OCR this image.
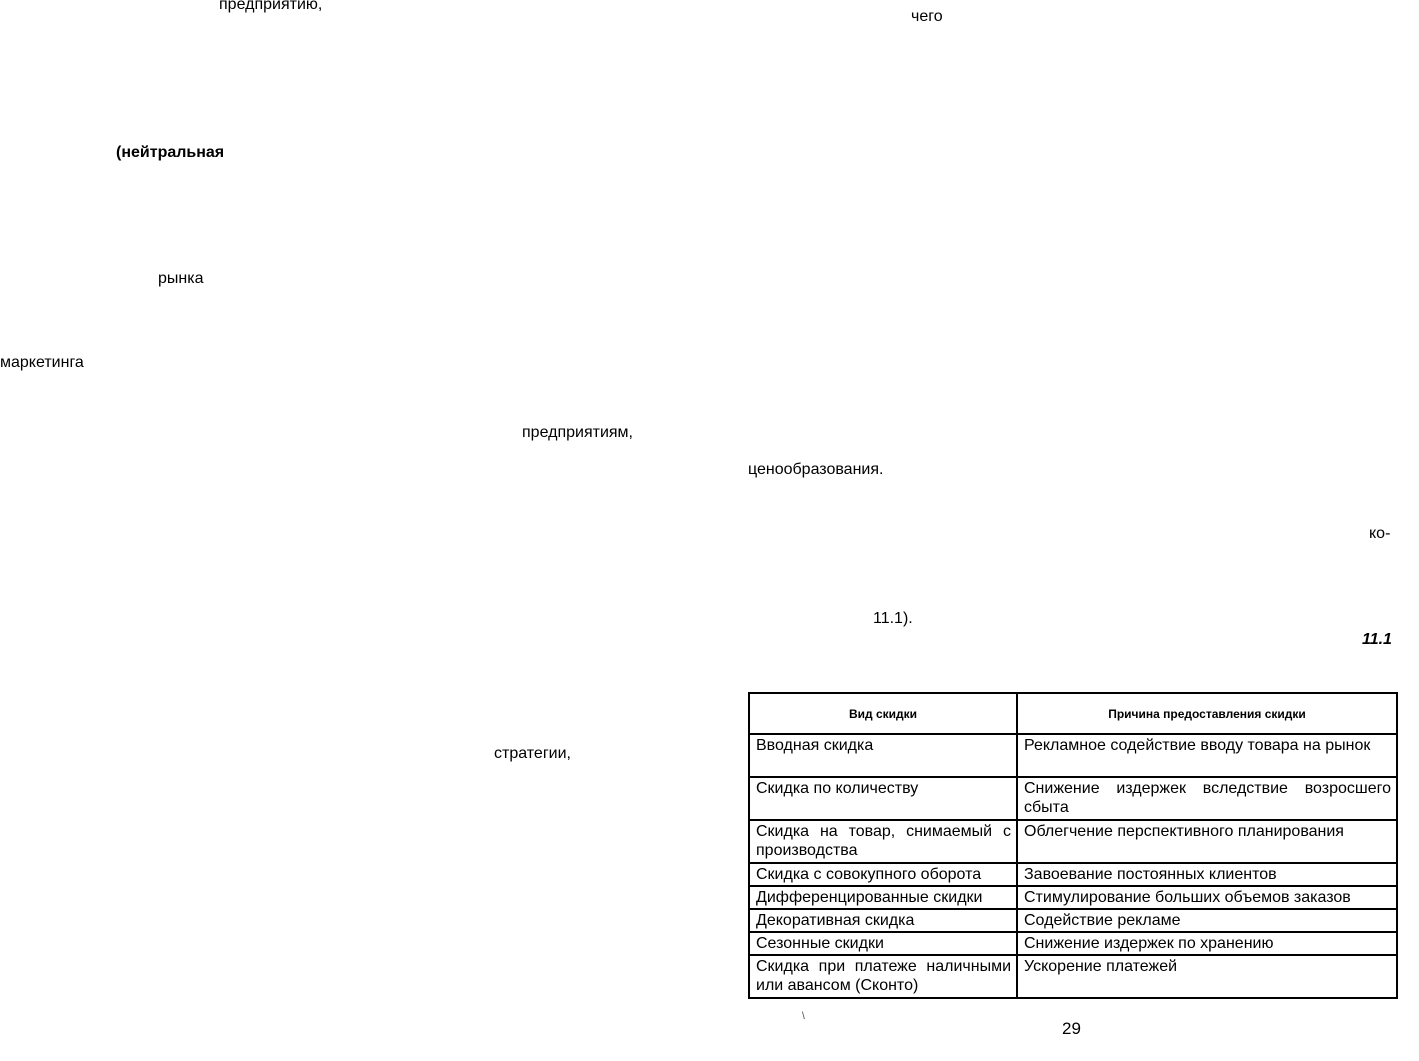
предприятию,
чего
(нейтральная
рынка
маркетинга
предприятиям,
ценообразования.
ко-
11.1).
11.1
стратегии,
Вид скидки	Причина предоставления скидки
Вводная скидка	Рекламное содействие вводу товара на рынок
Скидка по количеству	Снижение издержек вследствие возросшего сбыта
Скидка на товар, снимаемый с производства	Облегчение перспективного планирования
Скидка с совокупного оборота	Завоевание постоянных клиентов
Дифференцированные скидки	Стимулирование больших объемов заказов
Декоративная скидка	Содействие рекламе
Сезонные скидки	Снижение издержек по хранению
Скидка при платеже наличными или авансом (Сконто)	Ускорение платежей
\
29
